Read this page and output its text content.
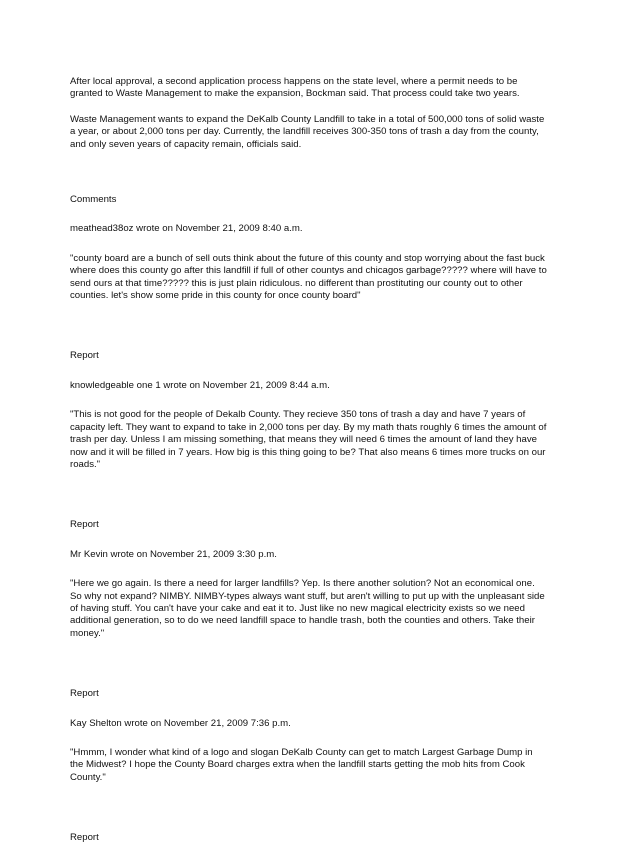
After local approval, a second application process happens on the state level, where a permit needs to be granted to Waste Management to make the expansion, Bockman said. That process could take two years.

Waste Management wants to expand the DeKalb County Landfill to take in a total of 500,000 tons of solid waste a year, or about 2,000 tons per day. Currently, the landfill receives 300-350 tons of trash a day from the county, and only seven years of capacity remain, officials said.

Comments

meathead38oz wrote on November 21, 2009 8:40 a.m.

"county board are a bunch of sell outs think about the future of this county and stop worrying about the fast buck where does this county go after this landfill if full of other countys and chicagos garbage????? where will have to send ours at that time????? this is just plain ridiculous. no different than prostituting our county out to other counties. let's show some pride in this county for once county board"

Report

knowledgeable one 1 wrote on November 21, 2009 8:44 a.m.

"This is not good for the people of Dekalb County. They recieve 350 tons of trash a day and have 7 years of capacity left. They want to expand to take in 2,000 tons per day. By my math thats roughly 6 times the amount of trash per day. Unless I am missing something, that means they will need 6 times the amount of land they have now and it will be filled in 7 years. How big is this thing going to be? That also means 6 times more trucks on our roads."

Report

Mr Kevin wrote on November 21, 2009 3:30 p.m.

"Here we go again. Is there a need for larger landfills? Yep. Is there another solution? Not an economical one. So why not expand? NIMBY. NIMBY-types always want stuff, but aren't willing to put up with the unpleasant side of having stuff. You can't have your cake and eat it to. Just like no new magical electricity exists so we need additional generation, so to do we need landfill space to handle trash, both the counties and others. Take their money."

Report

Kay Shelton wrote on November 21, 2009 7:36 p.m.

"Hmmm, I wonder what kind of a logo and slogan DeKalb County can get to match Largest Garbage Dump in the Midwest? I hope the County Board charges extra when the landfill starts getting the mob hits from Cook County."

Report
